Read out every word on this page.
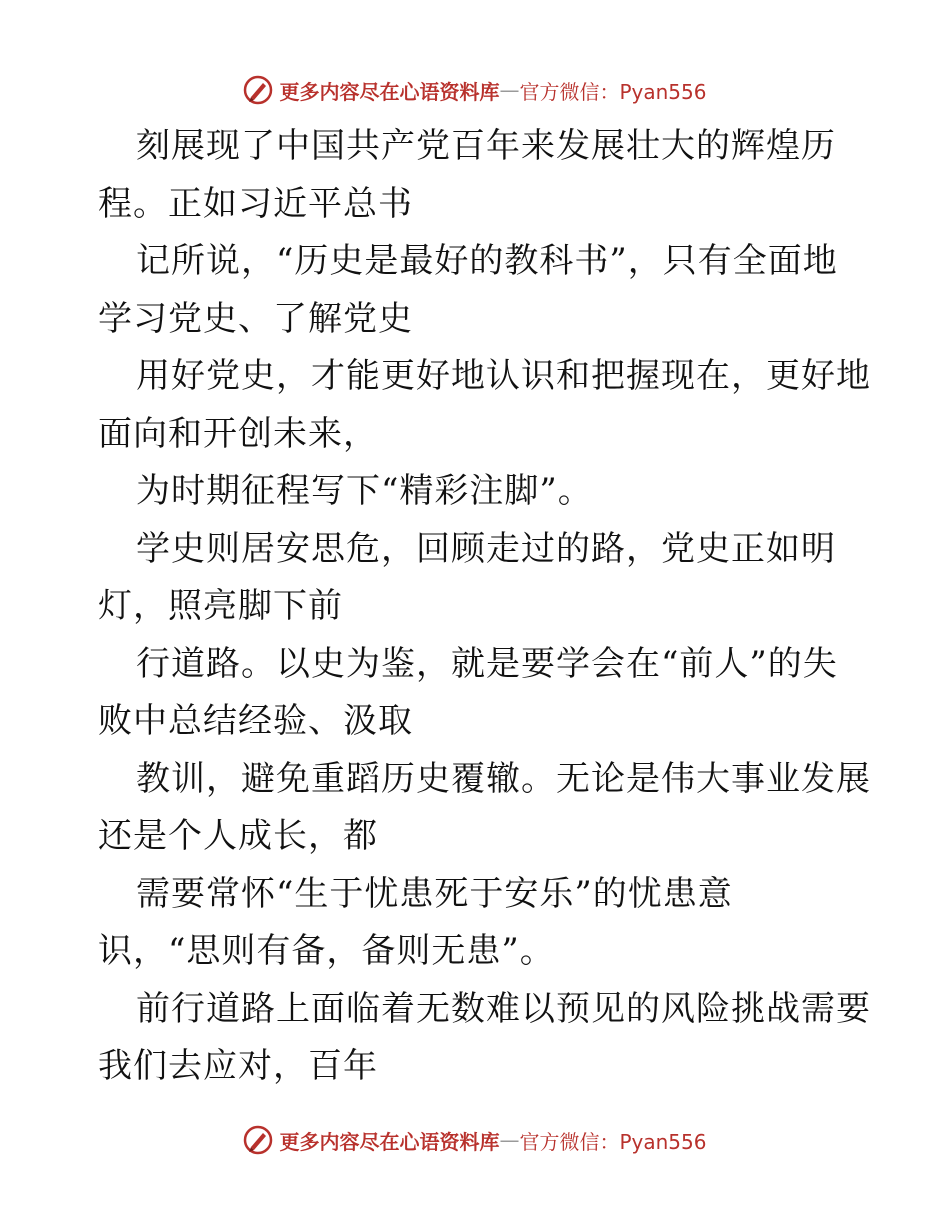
更多内容尽在心语资料库 — 官方微信：Pyan556
刻展现了中国共产党百年来发展壮大的辉煌历
程。正如习近平总书
记所说，“历史是最好的教科书”，只有全面地
学习党史、了解党史
用好党史，才能更好地认识和把握现在，更好地
面向和开创未来，
为时期征程写下“精彩注脚”。
学史则居安思危，回顾走过的路，党史正如明
灯，照亮脚下前
行道路。以史为鉴，就是要学会在“前人”的失
败中总结经验、汲取
教训，避免重蹈历史覆辙。无论是伟大事业发展
还是个人成长，都
需要常怀“生于忧患死于安乐”的忧患意
识，“思则有备，备则无患”。
前行道路上面临着无数难以预见的风险挑战需要
我们去应对，百年
更多内容尽在心语资料库 — 官方微信：Pyan556
